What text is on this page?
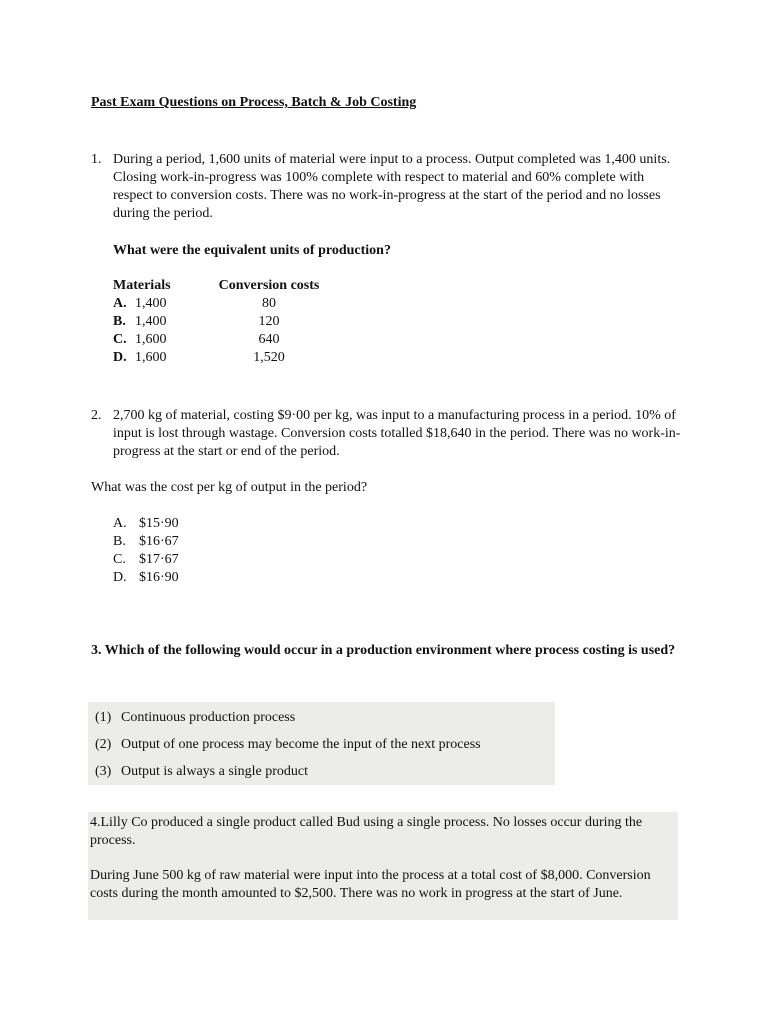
Past Exam Questions on Process, Batch & Job Costing
1. During a period, 1,600 units of material were input to a process. Output completed was 1,400 units. Closing work-in-progress was 100% complete with respect to material and 60% complete with respect to conversion costs. There was no work-in-progress at the start of the period and no losses during the period.
What were the equivalent units of production?
Materials	Conversion costs
A. 1,400	80
B. 1,400	120
C. 1,600	640
D. 1,600	1,520
2. 2,700 kg of material, costing $9·00 per kg, was input to a manufacturing process in a period. 10% of input is lost through wastage. Conversion costs totalled $18,640 in the period. There was no work-in-progress at the start or end of the period.
What was the cost per kg of output in the period?
A. $15·90
B. $16·67
C. $17·67
D. $16·90
3. Which of the following would occur in a production environment where process costing is used?
(1) Continuous production process
(2) Output of one process may become the input of the next process
(3) Output is always a single product
4.Lilly Co produced a single product called Bud using a single process. No losses occur during the process.
During June 500 kg of raw material were input into the process at a total cost of $8,000. Conversion costs during the month amounted to $2,500. There was no work in progress at the start of June.
